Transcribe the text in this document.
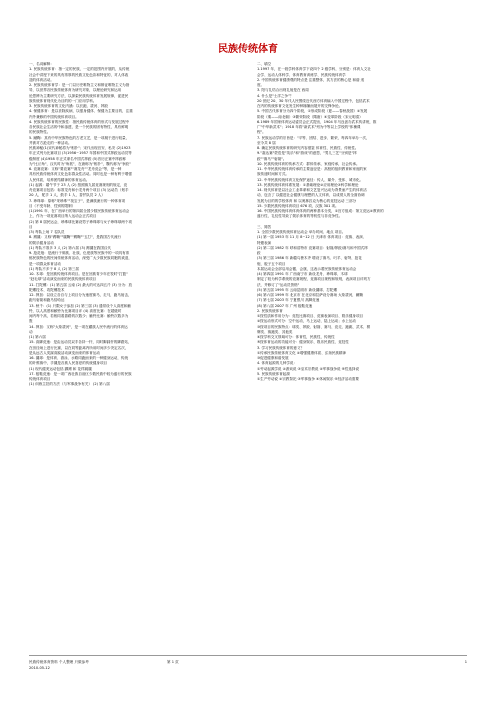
民族传统体育
一、名词解释：
1. 民族传统体育：指一定的民族，一定的范围内开展的，从传统
社会中讲授下来的具有浓厚的民族文化色彩和特征的，对人体改
造的体育活动。
2. 民族传统体育学：是一门以历史唯物主义和辩证唯物主义为指
导，以世界各民族传统体育为研究对象，以理论研究和运用
论思辨为主要研究方法，以探索民族传统体育发展规律，促进民
族传统体育现代化为目的的一门应用学科。
3. 民族传统体育的文化内涵：以长跑、拔河、摔跤
4. 保健体育：是以祛除疾病，以强身健体、保健为主要目的，注重
内外兼修的中国传统体育项目。
4. 民族传统体育的民族性：指民族传统体育的形式与发展过程中
各民族社会生活的中和渗透，是一个民族的固有特性，具有鲜明
的民族特性。
5. 蹴鞠：其有中华民族特色的古老文艺，是一项凝于进行较量，
并被对方抢走的一种活动。
民族神秘(1)宋代神秘将为"相扑"；宋代出现官安、私安 (2)1923
年正式列为比赛项目 (3)1956~1957 年国和中国式摔跤运动员等
级制度 (4)1958 年正式命名中国式摔跤 (5)首历正赛中摔跤称
为"比丘角"，汉代时为"角抵"，在唐称为"相扑"，魏代称为"争跤"
6. 竞赛竞赛：又称"要竞赛""赛龙舟""龙舟竞会"等，是一种
具有民族传统体育文化色彩群众性活动。同时也是一种有利于增强
人民体质，培养团结精神的体育运动。
(1) 起源：端午节于 23 人 (2) 按照赛九届竞赛规则的规定，竞
舟竞赛项目包括：标准龙舟和小龙舟两个项目 (3) 运动员（划手
20 人，舵手 1 人，鼓手 1 人，香扦队员 2 人）
7. 珍珠球：原称"采珍珠""找宝子"，是满族流行的一种体育项
目（不受年龄、性别的限制）
(1)1991 年，在广西举行的第四届全国少数民族传统体育运动会
上，作为一项竞赛项目纳入运动会正式项目
(2) 第 8 届民运会，珍珠球比赛设男子珍珠球与女子珍珠球两个项
目
(3) 每队上场 7 名队员
8. 踢毽：又称"踢鞠""毽鞠""踢鞠""五打"，是我国古代流行
的娱乐健身活动
(1) 每队不准多 3 人 (2) 第六届 (3) 踢毽在我国汉代
9. 抢花炮：是流行于侗族、壮族、仫佬族等民族中的一项具有浓
郁民族特色的民间传统体育活动，深受广大少数民族同胞的欢迎，
是一项群众体育活动
(1) 每队不多于 8 人 (2) 第三届
10. 木球：是回族传统体育项目。是在回族青少年在牧时"打篮"
"赶毛球"活动演变而来的民族传统体育项目
11. 打陀螺：(1) 第五届 云南 (2) 最大的可达四五斤 (3) 分为：放
陀螺技术、攻陀螺技术
12. 押加：以设立各自与上项目分为速度赛马，走马，跑马射击，
跑马射箭和跑马拾哈达
13. 秋千：(1) 只限女子参加 (2) 第三届 (3) 通常设个人高度和触
铃，以人高度和触铃为比赛项目评 (4) 高度比赛：在超级时
间内每个高，若相同看靠路的次数少；触铃比赛：触铃次数多为
胜
14. 押加：又称"大象拔河"，是一项在藏族人民中流行的体育运
动
(1) 第六届
15. 高脚竞速：是由运动员双手各持一杆，同时脚踩杆的脚蹬站，
在田径场上进行比赛，以在同等距离内所用时间多少决定名次，
是从远古人类踩高跷活动演变而来的体育运动
16. 毽球：是体育、游泳、水路同跑而来的一种健身运动，传统
的纤维赛中，手毽是各族人民喜爱的传统健身项目
(1) 现代健美运动包括 蹲踢 和 花样跳毽
17. 板鞋竞速：是一项广西壮族自治区少数民族中较为盛行的民族
传统体育项目
(1) 训练主扶的方法（与军事战争有关） (2) 第八届
二、填空
1.1997 年，在一段学科体育学下设四个 2 级学科，分别是：体育人文社
会学、运动人体科学、体育教育训练学、民族传统体育学
2. 中国传统体育健康观的特点是 注重整体，其方法的核心是 和谐 适
度。
3. 阳与礼结合出现礼射是在 西周
4. 什么是"士洋之争"？
20 世纪 20、30 年代人民围绕近代西方体育输入中国过程中，包括武术
在内的传统体育文化发生种种撞撞而展开的交锋争论。
5. 中国古代体育分为四个阶段，①形成阶段（夏——春秋战国）②发展
阶段（秦——南北朝）③繁荣阶段（隋唐）④变革阶段（宋元明清）
6.1989 年国家体育运动委员会正式提出，1904 年马良创办武术传讲班，推
广"中华新武术"；1918 年将"新武术"列为中等以上学校的"体操课
程"。
7. 民族运动学的宗旨是："平等、团结、进步、繁荣，每四年举办一次，
至今共 8 届
8. 确定民族传统体育的研究内容借鉴 体育性、民族性、传统性。
9."嘉达赛"蒙语是"英乐"和"游戏"的意思，"男儿三艺"分别是"摔
跤""赛马""射箭"。
10. 民族传统体育的传承方式：群体传承，家庭传承，社会传承。
11. 中华民族传统体育传承的主要途径是：高校的组织教育和家庭的家
族传递时间和方式。
12. 中华民族传统体育文化保护途径：传人、媒介、受体、城市化。
13. 民族传统体育体系发展：①基础理论②应用理论③科学和理论
14. 现代体育是以社会工业革命和文艺复兴运动为背景而产生的体育活
动，包含了 以健进社会健康与理想的人文体育，以成绩人的全面协调
发展为目的的学校体育 和 以奥林匹克为核心的竞技运动 三部分
15. 少数民族传统体育项目 676 项，汉族 301 项。
16. 中国民族传统体育体育体育的两种基本分类，①官方组成：第文竞运②教育的
盛行性，礼仪性导致了娱乐体育的等机性与非竞争性。

三、简答
1. 全国少数民族传统体育运动会 举办时间、地点 项目。
(1) 第一届 1953 年 11 月 8~12 日 天津市 体育项目：竞赛、表演、
特邀表演
(2) 第二届 1982 年 呼和浩特市 竞赛项目：射箭/摔跤/赛马和中国式摔
跤
(3) 第三届 1986 年 新疆乌鲁木齐 增设了赛马、叼羊、射弩、抢花
炮、板子五个项目
本届运动会全部启用会徽、会旗，这表示着民族传统体育运动会
(4) 第四届 1991 年 广西南宁市 新设龙舟、珍珠球、木球
制定了较为科学系统的竞赛规程，竞赛项目规程和规则，表演项目评判方
法，并修订了"运动员资格"
(5) 第五届 1995 年 云南昆明市 新设毽球、打陀螺
(6) 第六届 1999 年 北京市 在北京和拉萨设分赛场 大象拔河，蹴鞠
(7) 第七届 2003 年 宁夏银川 高脚竞速
(8) 第八届 2007 年 广州 板鞋竞速
2. 民族传统体育
①按性质和作用分为：竞技比赛项目、竞赛表演项目、娱乐健身项目
②按运动形式可分：空中运动，马上运动，陆上运动；水上运动
③按项目的民族特点：球类、摔跤、射箭、赛马、竞走、跑跳、武术、棋
牌类、赛跑类、其他类
④按学科交叉领域可分：体育性，民族性，传统性
⑤按体育运动的功能可分：健身娱乐、娱乐民族性、竞技性
3. 学习民族传统体育的意义？
①传承民族传统体育文化 ②增强健康体质、弘扬民族精神
③促进健康和谐发展
4. 体育起源的几种学说：
①劳动起源学说 ②游戏说 ③巫术宗教说 ④军事战争说 ⑤性选择说
5. 民族传统体育起源
①生产劳动说 ②宗教祭祀 ③军事战争 ④休闲娱乐 ⑤经济活动需要
民族传统体育资料 个人整理 只做参考
2010-05-12
第 1 页	1
